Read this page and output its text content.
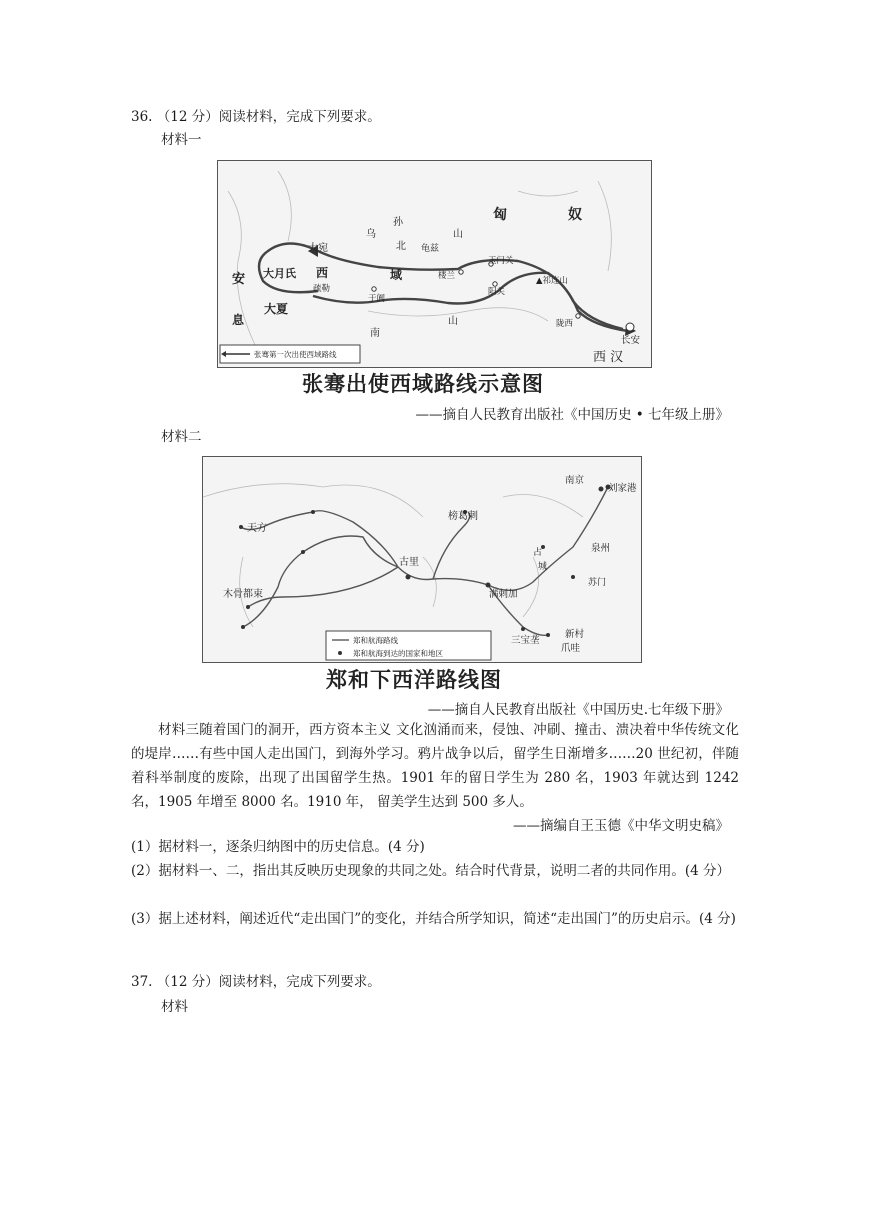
36. （12 分）阅读材料，完成下列要求。
材料一
匈	奴
乌
孙
山
大宛	北 龟兹
安 大月氏 西	域	楼兰
玉门关
▲祁连山
疏勒
于阗
阳关
息
大夏
南
山	陇西
长安
西 汉
张骞第一次出使西域路线
张骞出使西域路线示意图
——摘自人民教育出版社《中国历史 • 七年级上册》
材料二
南京
刘家港
天方
榜葛剌
古里
占
城
泉州
木骨都束	满剌加
苏门
三宝垄
新村
爪哇
郑和航海路线
郑和航海到达的国家和地区
郑和下西洋路线图
——摘自人民教育出版社《中国历史.七年级下册》
材料三随着国门的洞开，西方资本主义 文化汹涌而来，侵蚀、冲刷、撞击、溃决着中华传统文化的堤岸……有些中国人走出国门，到海外学习。鸦片战争以后，留学生日渐增多……20 世纪初，伴随着科举制度的废除，出现了出国留学生热。1901 年的留日学生为 280 名，1903 年就达到 1242 名，1905 年增至 8000 名。1910 年， 留美学生达到 500 多人。
——摘编自王玉德《中华文明史稿》
(1）据材料一，逐条归纳图中的历史信息。(4 分)
(2）据材料一、二，指出其反映历史现象的共同之处。结合时代背景，说明二者的共同作用。(4 分）
(3）据上述材料，阐述近代“走出国门”的变化，并结合所学知识，简述“走出国门”的历史启示。(4 分)
37. （12 分）阅读材料，完成下列要求。
材料
